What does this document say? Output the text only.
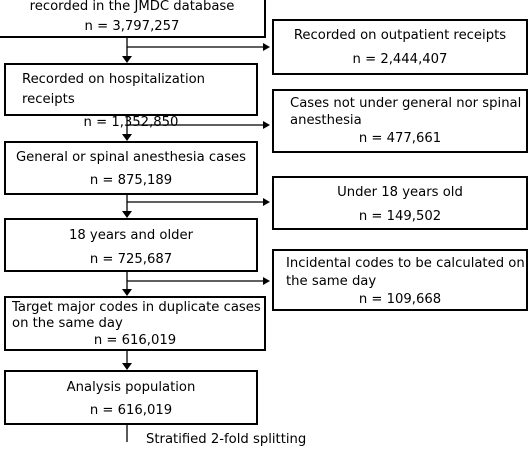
recorded in the JMDC database
n = 3,797,257
Recorded on outpatient receipts
n = 2,444,407
Recorded on hospitalization receipts
n = 1,352,850
Cases not under general nor spinal
anesthesia
n = 477,661
General or spinal anesthesia cases
n = 875,189
Under 18 years old
n = 149,502
18 years and older
n = 725,687	Incidental codes to be calculated on
the same day
n = 109,668
Target major codes in duplicate cases
on the same day
n = 616,019
Analysis population
n = 616,019
Stratified 2-fold splitting
